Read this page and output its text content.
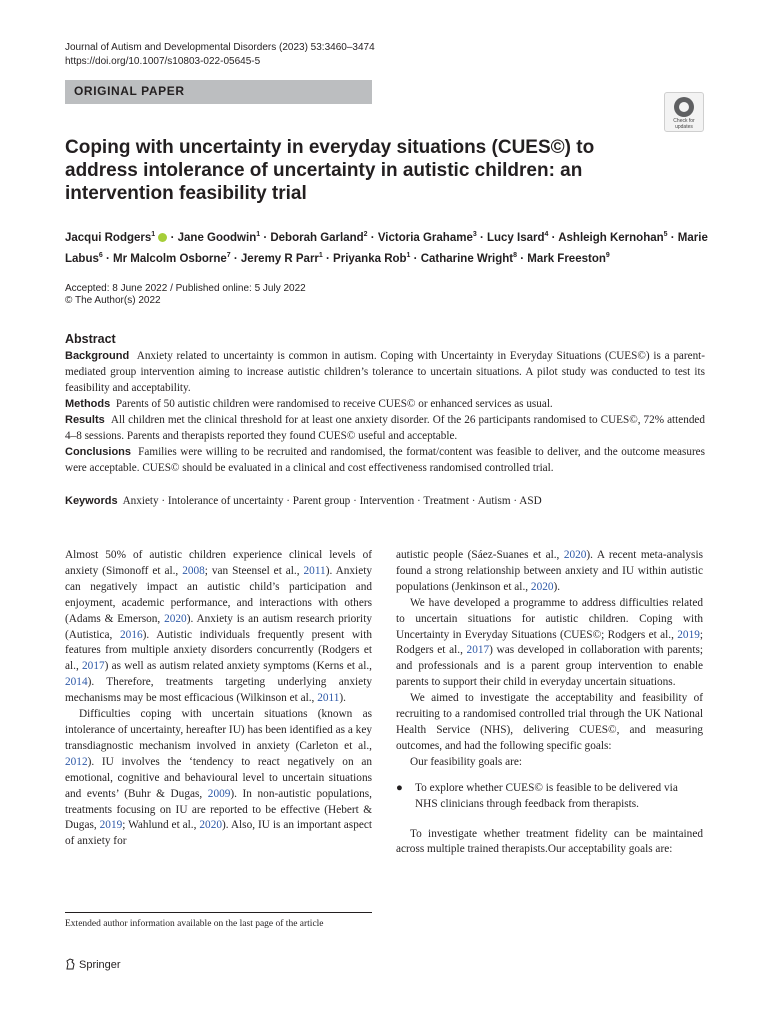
Journal of Autism and Developmental Disorders (2023) 53:3460–3474
https://doi.org/10.1007/s10803-022-05645-5
ORIGINAL PAPER
Check for updates
Coping with uncertainty in everyday situations (CUES©) to address intolerance of uncertainty in autistic children: an intervention feasibility trial
Jacqui Rodgers$^1$  · Jane Goodwin$^1$ · Deborah Garland$^2$ · Victoria Grahame$^3$ · Lucy Isard$^4$ · Ashleigh Kernohan$^5$ · Marie Labus$^6$ · Mr Malcolm Osborne$^7$ · Jeremy R Parr$^1$ · Priyanka Rob$^1$ · Catharine Wright$^8$ · Mark Freeston$^9$
Accepted: 8 June 2022 / Published online: 5 July 2022
© The Author(s) 2022
Abstract

Background  Anxiety related to uncertainty is common in autism. Coping with Uncertainty in Everyday Situations (CUES©) is a parent-mediated group intervention aiming to increase autistic children’s tolerance to uncertain situations. A pilot study was conducted to test its feasibility and acceptability.

Methods  Parents of 50 autistic children were randomised to receive CUES© or enhanced services as usual.

Results  All children met the clinical threshold for at least one anxiety disorder. Of the 26 participants randomised to CUES©, 72% attended 4–8 sessions. Parents and therapists reported they found CUES© useful and acceptable.

Conclusions  Families were willing to be recruited and randomised, the format/content was feasible to deliver, and the outcome measures were acceptable. CUES© should be evaluated in a clinical and cost effectiveness randomised controlled trial.

Keywords Anxiety · Intolerance of uncertainty · Parent group · Intervention · Treatment · Autism · ASD

Almost 50% of autistic children experience clinical levels of anxiety (Simonoff et al., 2008; van Steensel et al., 2011). Anxiety can negatively impact an autistic child’s participation and enjoyment, academic performance, and interactions with others (Adams & Emerson, 2020). Anxiety is an autism research priority (Autistica, 2016). Autistic individuals frequently present with features from multiple anxiety disorders concurrently (Rodgers et al., 2017) as well as autism related anxiety symptoms (Kerns et al., 2014). Therefore, treatments targeting underlying anxiety mechanisms may be most efficacious (Wilkinson et al., 2011).

Difficulties coping with uncertain situations (known as intolerance of uncertainty, hereafter IU) has been identified as a key transdiagnostic mechanism involved in anxiety (Carleton et al., 2012). IU involves the ‘tendency to react negatively on an emotional, cognitive and behavioural level to uncertain situations and events’ (Buhr & Dugas, 2009). In non-autistic populations, treatments focusing on IU are reported to be effective (Hebert & Dugas, 2019; Wahlund et al., 2020). Also, IU is an important aspect of anxiety for

autistic people (Sáez-Suanes et al., 2020). A recent meta-analysis found a strong relationship between anxiety and IU within autistic populations (Jenkinson et al., 2020).

We have developed a programme to address difficulties related to uncertain situations for autistic children. Coping with Uncertainty in Everyday Situations (CUES©; Rodgers et al., 2019; Rodgers et al., 2017) was developed in collaboration with parents; and professionals and is a parent group intervention to enable parents to support their child in everyday uncertain situations.

We aimed to investigate the acceptability and feasibility of recruiting to a randomised controlled trial through the UK National Health Service (NHS), delivering CUES©, and measuring outcomes, and had the following specific goals:

Our feasibility goals are:

● To explore whether CUES© is feasible to be delivered via NHS clinicians through feedback from therapists.

To investigate whether treatment fidelity can be maintained across multiple trained therapists.Our acceptability goals are:

Extended author information available on the last page of the article
Springer
